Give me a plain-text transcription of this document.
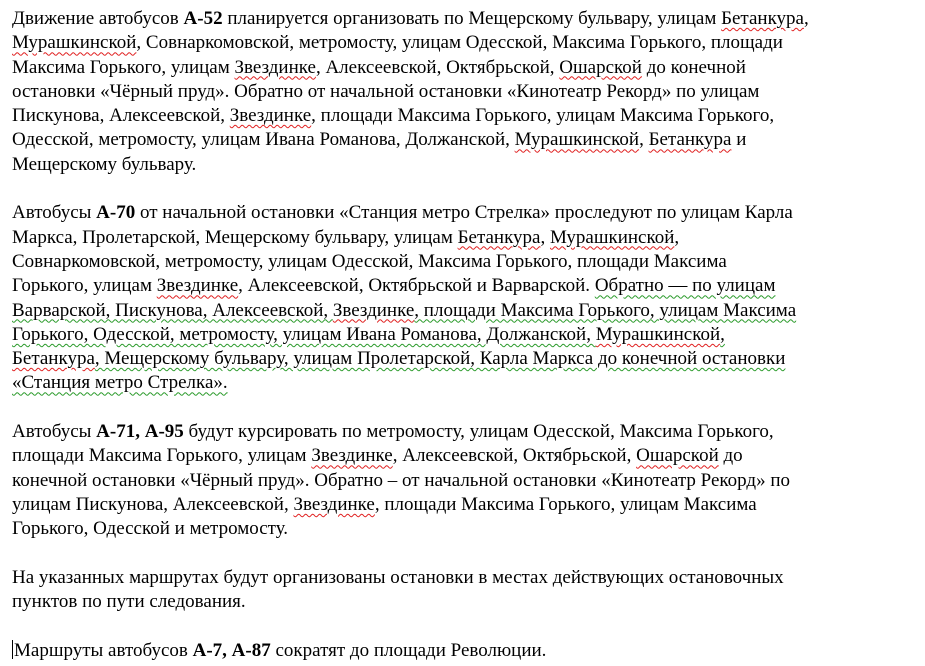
Движение автобусов А-52 планируется организовать по Мещерскому бульвару, улицам Бетанкура,
Мурашкинской, Совнаркомовской, метромосту, улицам Одесской, Максима Горького, площади
Максима Горького, улицам Звездинке, Алексеевской, Октябрьской, Ошарской до конечной
остановки «Чёрный пруд». Обратно от начальной остановки «Кинотеатр Рекорд» по улицам
Пискунова, Алексеевской, Звездинке, площади Максима Горького, улицам Максима Горького,
Одесской, метромосту, улицам Ивана Романова, Должанской, Мурашкинской, Бетанкура и
Мещерскому бульвару.
Автобусы А-70 от начальной остановки «Станция метро Стрелка» проследуют по улицам Карла
Маркса, Пролетарской, Мещерскому бульвару, улицам Бетанкура, Мурашкинской,
Совнаркомовской, метромосту, улицам Одесской, Максима Горького, площади Максима
Горького, улицам Звездинке, Алексеевской, Октябрьской и Варварской. Обратно — по улицам
Варварской, Пискунова, Алексеевской, Звездинке, площади Максима Горького, улицам Максима
Горького, Одесской, метромосту, улицам Ивана Романова, Должанской, Мурашкинской,
Бетанкура, Мещерскому бульвару, улицам Пролетарской, Карла Маркса до конечной остановки
«Станция метро Стрелка».
Автобусы А-71, А-95 будут курсировать по метромосту, улицам Одесской, Максима Горького,
площади Максима Горького, улицам Звездинке, Алексеевской, Октябрьской, Ошарской до
конечной остановки «Чёрный пруд». Обратно – от начальной остановки «Кинотеатр Рекорд» по
улицам Пискунова, Алексеевской, Звездинке, площади Максима Горького, улицам Максима
Горького, Одесской и метромосту.
На указанных маршрутах будут организованы остановки в местах действующих остановочных
пунктов по пути следования.
Маршруты автобусов А-7, А-87 сократят до площади Революции.
